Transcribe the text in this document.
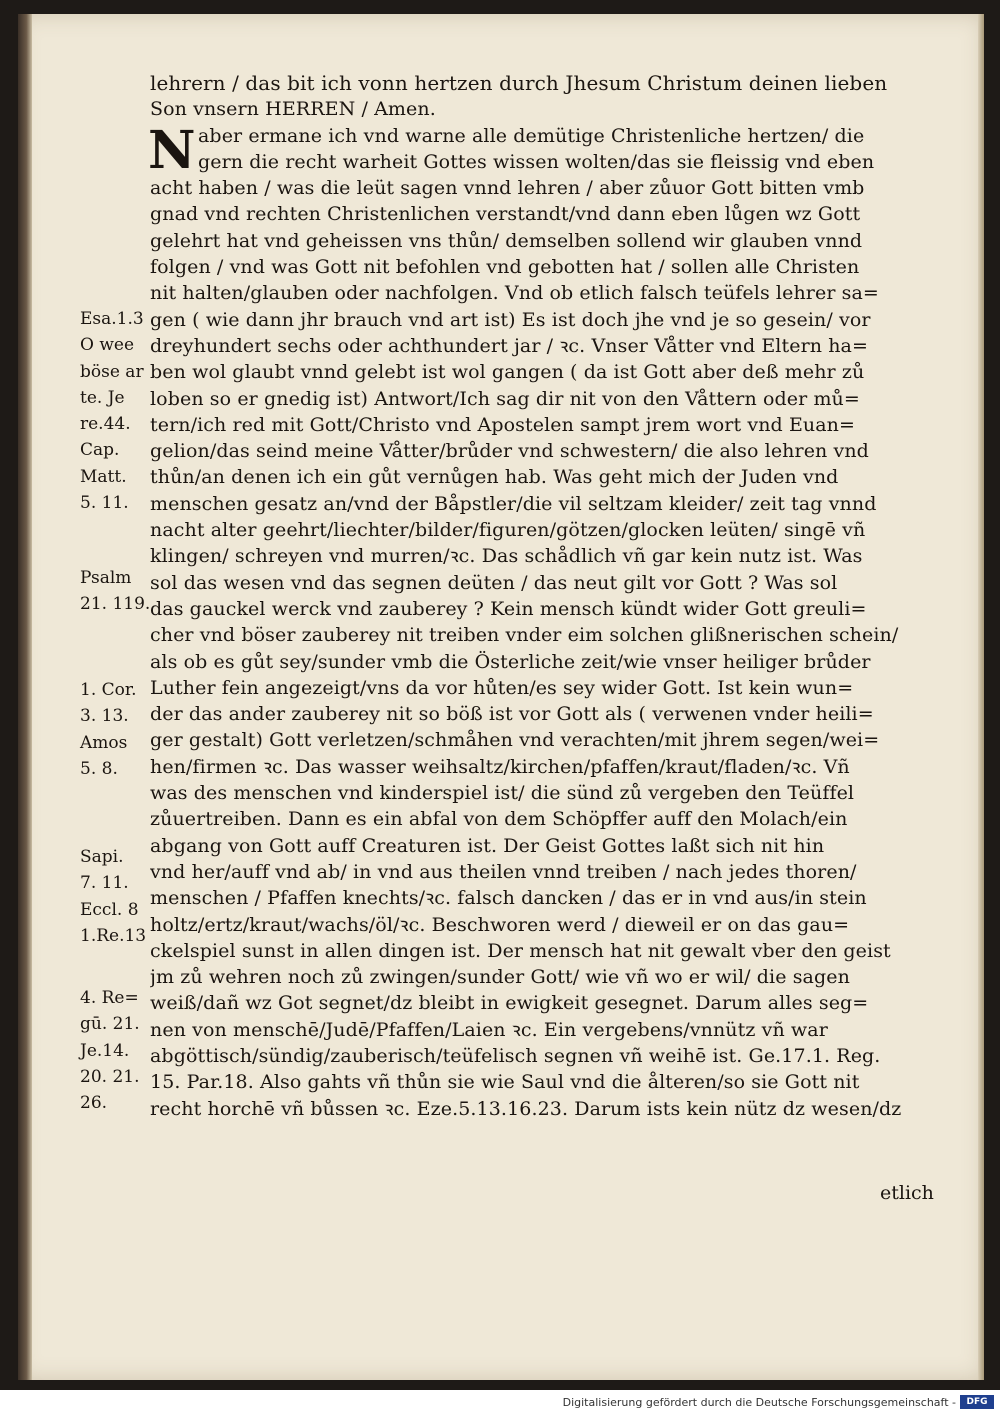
N
lehrern / das bit ich vonn hertzen durch Jhesum Christum deinen lieben
Son vnsern HERREN / Amen.
aber ermane ich vnd warne alle demütige Christenliche hertzen/ die
gern die recht warheit Gottes wissen wolten/das sie fleissig vnd eben
acht haben / was die leüt sagen vnnd lehren / aber zůuor Gott bitten vmb
gnad vnd rechten Christenlichen verstandt/vnd dann eben lůgen wz Gott
gelehrt hat vnd geheissen vns thůn/ demselben sollend wir glauben vnnd
folgen / vnd was Gott nit befohlen vnd gebotten hat / sollen alle Christen
nit halten/glauben oder nachfolgen. Vnd ob etlich falsch teüfels lehrer sa=
gen ( wie dann jhr brauch vnd art ist) Es ist doch jhe vnd je so gesein/ vor
dreyhundert sechs oder achthundert jar / ꝛc. Vnser Våtter vnd Eltern ha=
ben wol glaubt vnnd gelebt ist wol gangen ( da ist Gott aber deß mehr zů
loben so er gnedig ist) Antwort/Ich sag dir nit von den Våttern oder mů=
tern/ich red mit Gott/Christo vnd Apostelen sampt jrem wort vnd Euan=
gelion/das seind meine Våtter/brůder vnd schwestern/ die also lehren vnd
thůn/an denen ich ein gůt vernůgen hab. Was geht mich der Juden vnd
menschen gesatz an/vnd der Båpstler/die vil seltzam kleider/ zeit tag vnnd
nacht alter geehrt/liechter/bilder/figuren/götzen/glocken leüten/ singē vñ
klingen/ schreyen vnd murren/ꝛc. Das schådlich vñ gar kein nutz ist. Was
sol das wesen vnd das segnen deüten / das neut gilt vor Gott ? Was sol
das gauckel werck vnd zauberey ? Kein mensch kündt wider Gott greuli=
cher vnd böser zauberey nit treiben vnder eim solchen glißnerischen schein/
als ob es gůt sey/sunder vmb die Österliche zeit/wie vnser heiliger brůder
Luther fein angezeigt/vns da vor hůten/es sey wider Gott. Ist kein wun=
der das ander zauberey nit so böß ist vor Gott als ( verwenen vnder heili=
ger gestalt) Gott verletzen/schmåhen vnd verachten/mit jhrem segen/wei=
hen/firmen ꝛc. Das wasser weihsaltz/kirchen/pfaffen/kraut/fladen/ꝛc. Vñ
was des menschen vnd kinderspiel ist/ die sünd zů vergeben den Teüffel
zůuertreiben. Dann es ein abfal von dem Schöpffer auff den Molach/ein
abgang von Gott auff Creaturen ist. Der Geist Gottes laßt sich nit hin
vnd her/auff vnd ab/ in vnd aus theilen vnnd treiben / nach jedes thoren/
menschen / Pfaffen knechts/ꝛc. falsch dancken / das er in vnd aus/in stein
holtz/ertz/kraut/wachs/öl/ꝛc. Beschworen werd / dieweil er on das gau=
ckelspiel sunst in allen dingen ist. Der mensch hat nit gewalt vber den geist
jm zů wehren noch zů zwingen/sunder Gott/ wie vñ wo er wil/ die sagen
weiß/dañ wz Got segnet/dz bleibt in ewigkeit gesegnet. Darum alles seg=
nen von menschē/Judē/Pfaffen/Laien ꝛc. Ein vergebens/vnnütz vñ war
abgöttisch/sündig/zauberisch/teüfelisch segnen vñ weihē ist. Ge.17.1. Reg.
15. Par.18. Also gahts vñ thůn sie wie Saul vnd die ålteren/so sie Gott nit
recht horchē vñ bůssen ꝛc. Eze.5.13.16.23. Darum ists kein nütz dz wesen/dz
etlich
Esa.1.3
O wee
böse ar
te. Je
re.44.
Cap.
Matt.
5. 11.
Psalm
21. 119.
1. Cor.
3. 13.
Amos
5. 8.
Sapi.
7. 11.
Eccl. 8
1.Re.13
4. Re=
gū. 21.
Je.14.
20. 21.
26.
Digitalisierung gefördert durch die Deutsche Forschungsgemeinschaft -	DFG
